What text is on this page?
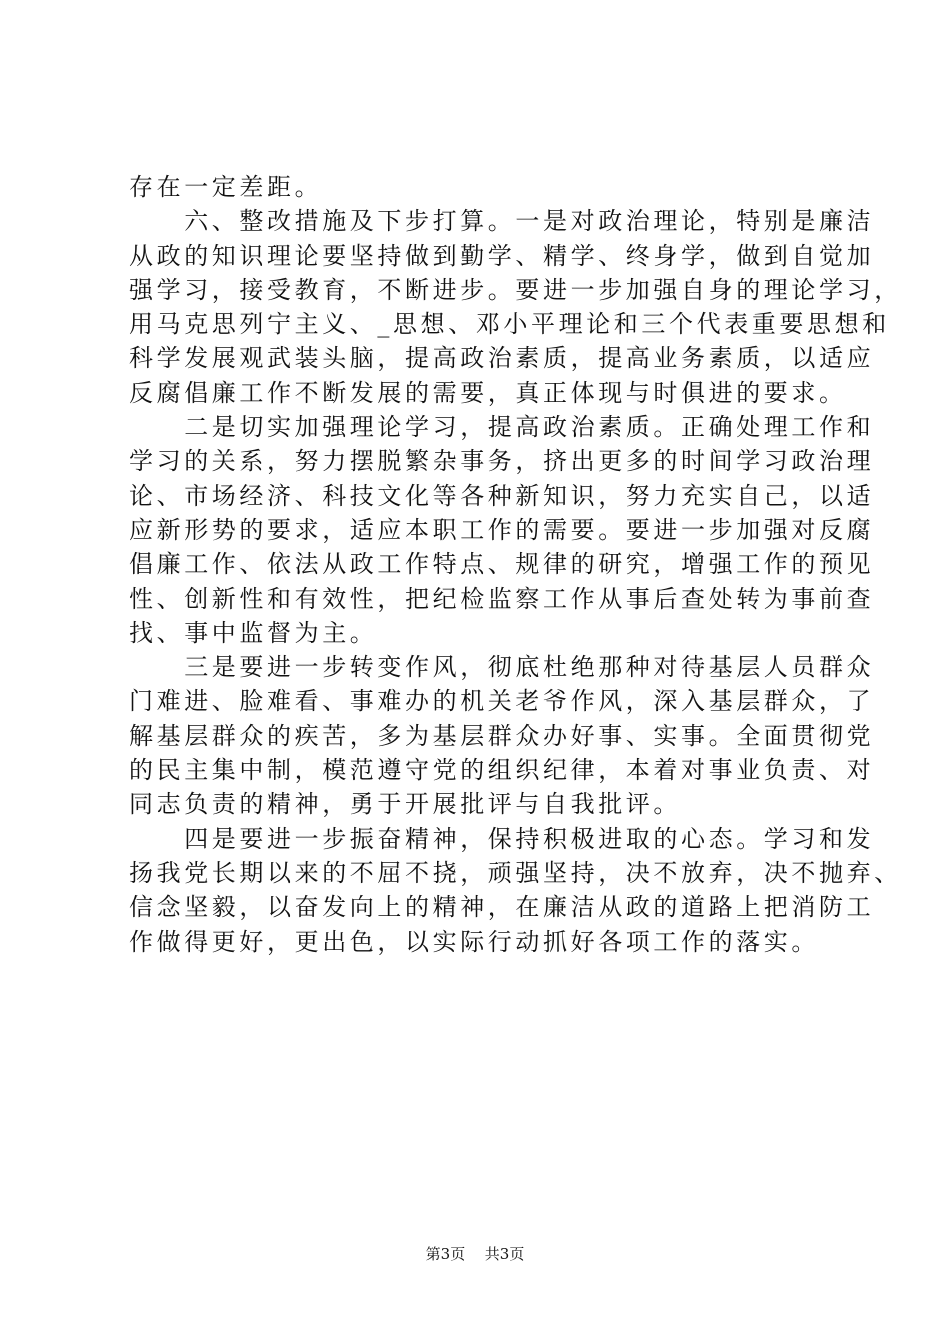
存在一定差距。
　　六、整改措施及下步打算。一是对政治理论，特别是廉洁
从政的知识理论要坚持做到勤学、精学、终身学，做到自觉加
强学习，接受教育，不断进步。要进一步加强自身的理论学习，
用马克思列宁主义、_思想、邓小平理论和三个代表重要思想和
科学发展观武装头脑，提高政治素质，提高业务素质，以适应
反腐倡廉工作不断发展的需要，真正体现与时俱进的要求。
　　二是切实加强理论学习，提高政治素质。正确处理工作和
学习的关系，努力摆脱繁杂事务，挤出更多的时间学习政治理
论、市场经济、科技文化等各种新知识，努力充实自己，以适
应新形势的要求，适应本职工作的需要。要进一步加强对反腐
倡廉工作、依法从政工作特点、规律的研究，增强工作的预见
性、创新性和有效性，把纪检监察工作从事后查处转为事前查
找、事中监督为主。
　　三是要进一步转变作风，彻底杜绝那种对待基层人员群众
门难进、脸难看、事难办的机关老爷作风，深入基层群众，了
解基层群众的疾苦，多为基层群众办好事、实事。全面贯彻党
的民主集中制，模范遵守党的组织纪律，本着对事业负责、对
同志负责的精神，勇于开展批评与自我批评。
　　四是要进一步振奋精神，保持积极进取的心态。学习和发
扬我党长期以来的不屈不挠，顽强坚持，决不放弃，决不抛弃、
信念坚毅，以奋发向上的精神，在廉洁从政的道路上把消防工
作做得更好，更出色，以实际行动抓好各项工作的落实。
第3页 共3页
